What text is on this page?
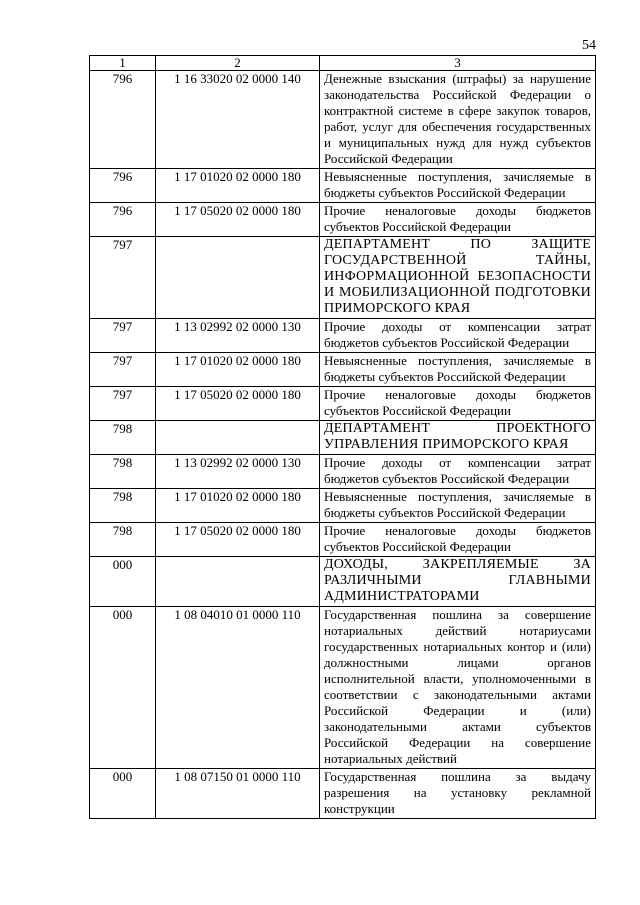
54
1	2	3
796	1 16 33020 02 0000 140	Денежные взыскания (штрафы) за нарушение законодательства Российской Федерации о контрактной системе в сфере закупок товаров, работ, услуг для обеспечения государственных и муниципальных нужд для нужд субъектов Российской Федерации
796	1 17 01020 02 0000 180	Невыясненные поступления, зачисляемые в бюджеты субъектов Российской Федерации
796	1 17 05020 02 0000 180	Прочие неналоговые доходы бюджетов субъектов Российской Федерации
797		ДЕПАРТАМЕНТ ПО ЗАЩИТЕ ГОСУДАРСТВЕННОЙ ТАЙНЫ, ИНФОРМАЦИОННОЙ БЕЗОПАСНОСТИ И МОБИЛИЗАЦИОННОЙ ПОДГОТОВКИ ПРИМОРСКОГО КРАЯ
797	1 13 02992 02 0000 130	Прочие доходы от компенсации затрат бюджетов субъектов Российской Федерации
797	1 17 01020 02 0000 180	Невыясненные поступления, зачисляемые в бюджеты субъектов Российской Федерации
797	1 17 05020 02 0000 180	Прочие неналоговые доходы бюджетов субъектов Российской Федерации
798		ДЕПАРТАМЕНТ ПРОЕКТНОГО УПРАВЛЕНИЯ ПРИМОРСКОГО КРАЯ
798	1 13 02992 02 0000 130	Прочие доходы от компенсации затрат бюджетов субъектов Российской Федерации
798	1 17 01020 02 0000 180	Невыясненные поступления, зачисляемые в бюджеты субъектов Российской Федерации
798	1 17 05020 02 0000 180	Прочие неналоговые доходы бюджетов субъектов Российской Федерации
000		ДОХОДЫ, ЗАКРЕПЛЯЕМЫЕ ЗА РАЗЛИЧНЫМИ ГЛАВНЫМИ АДМИНИСТРАТОРАМИ
000	1 08 04010 01 0000 110	Государственная пошлина за совершение нотариальных действий нотариусами государственных нотариальных контор и (или) должностными лицами органов исполнительной власти, уполномоченными в соответствии с законодательными актами Российской Федерации и (или) законодательными актами субъектов Российской Федерации на совершение нотариальных действий
000	1 08 07150 01 0000 110	Государственная пошлина за выдачу разрешения на установку рекламной конструкции
